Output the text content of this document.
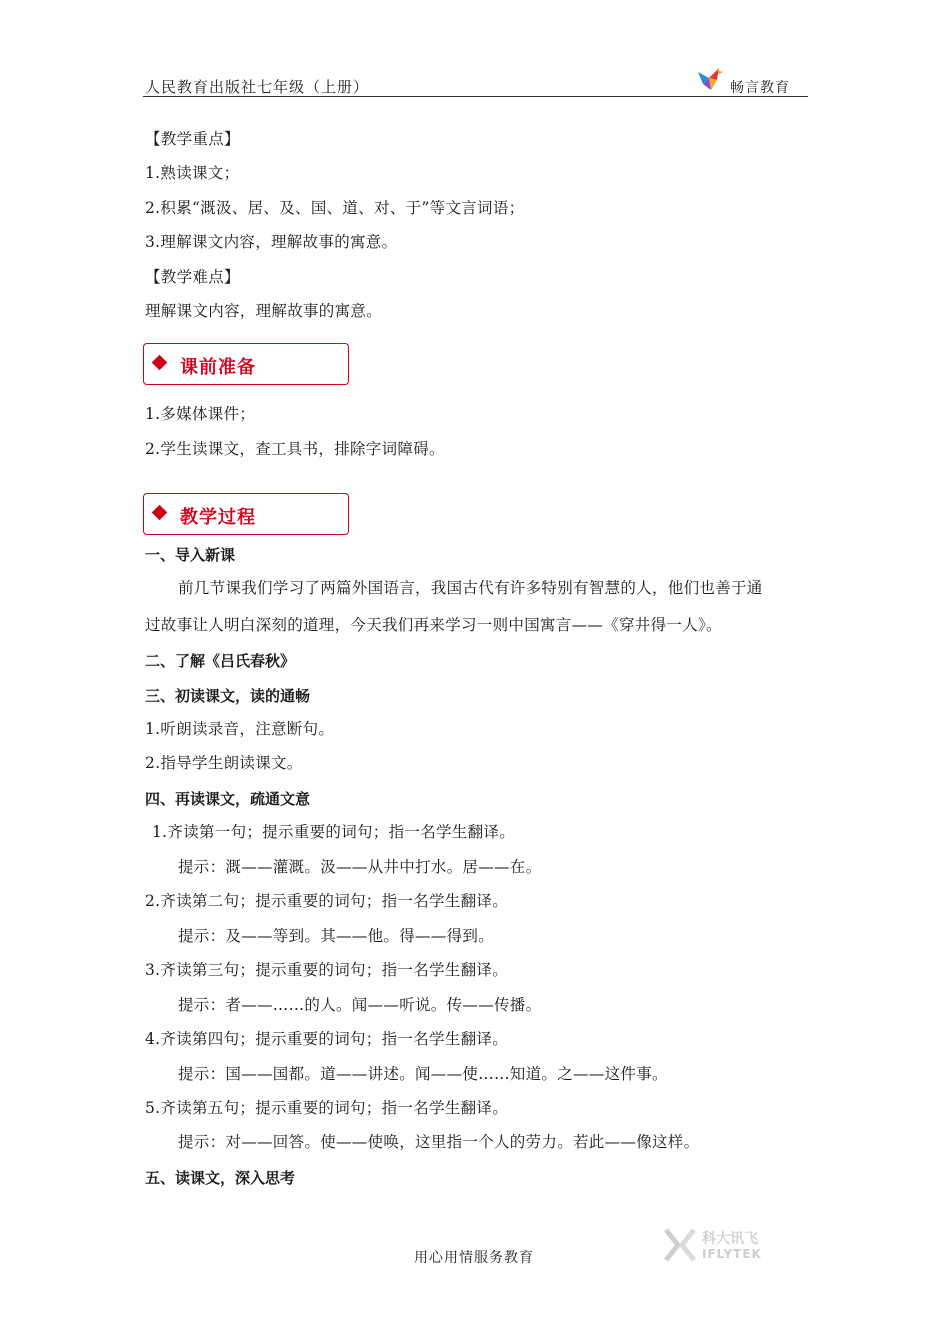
人民教育出版社七年级（上册）	畅言教育
【教学重点】
1.熟读课文；
2.积累“溉汲、居、及、国、道、对、于”等文言词语；
3.理解课文内容，理解故事的寓意。
【教学难点】
理解课文内容，理解故事的寓意。
课前准备
1.多媒体课件；
2.学生读课文，查工具书，排除字词障碍。
教学过程
一、导入新课
前几节课我们学习了两篇外国语言，我国古代有许多特别有智慧的人，他们也善于通
过故事让人明白深刻的道理，今天我们再来学习一则中国寓言——《穿井得一人》。
二、了解《吕氏春秋》
三、初读课文，读的通畅
1.听朗读录音，注意断句。
2.指导学生朗读课文。
四、再读课文，疏通文意
1.齐读第一句；提示重要的词句；指一名学生翻译。
提示：溉——灌溉。汲——从井中打水。居——在。
2.齐读第二句；提示重要的词句；指一名学生翻译。
提示：及——等到。其——他。得——得到。
3.齐读第三句；提示重要的词句；指一名学生翻译。
提示：者——……的人。闻——听说。传——传播。
4.齐读第四句；提示重要的词句；指一名学生翻译。
提示：国——国都。道——讲述。闻——使……知道。之——这件事。
5.齐读第五句；提示重要的词句；指一名学生翻译。
提示：对——回答。使——使唤，这里指一个人的劳力。若此——像这样。
五、读课文，深入思考
用心用情服务教育
科大讯飞
IFLYTEK
